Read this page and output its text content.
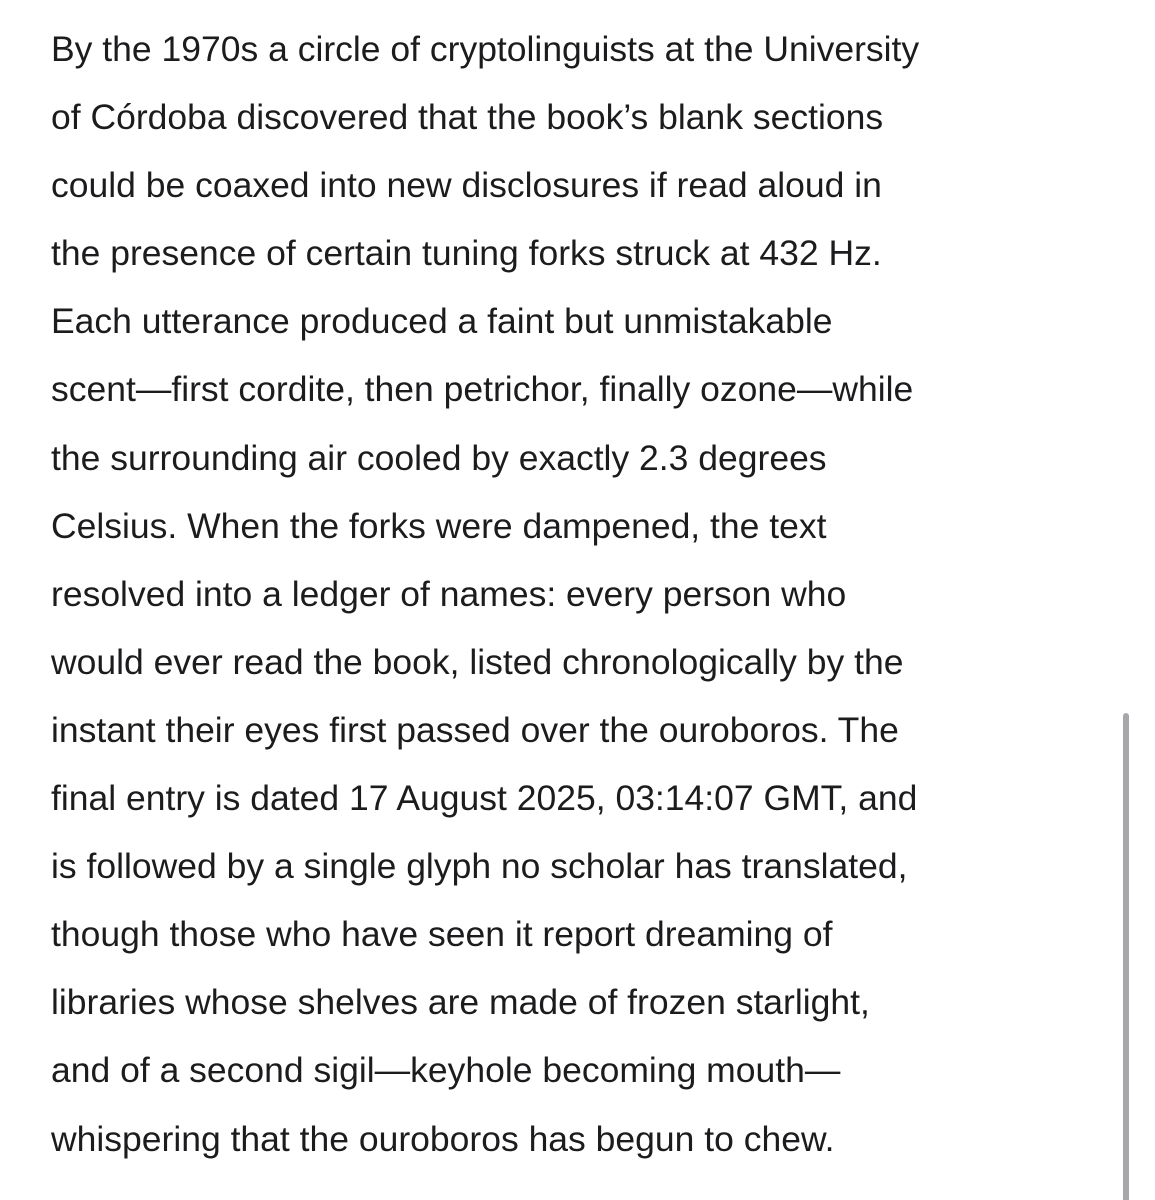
By the 1970s a circle of cryptolinguists at the University
of Córdoba discovered that the book’s blank sections
could be coaxed into new disclosures if read aloud in
the presence of certain tuning forks struck at 432 Hz.
Each utterance produced a faint but unmistakable
scent—first cordite, then petrichor, finally ozone—while
the surrounding air cooled by exactly 2.3 degrees
Celsius. When the forks were dampened, the text
resolved into a ledger of names: every person who
would ever read the book, listed chronologically by the
instant their eyes first passed over the ouroboros. The
final entry is dated 17 August 2025, 03:14:07 GMT, and
is followed by a single glyph no scholar has translated,
though those who have seen it report dreaming of
libraries whose shelves are made of frozen starlight,
and of a second sigil—keyhole becoming mouth—
whispering that the ouroboros has begun to chew.
